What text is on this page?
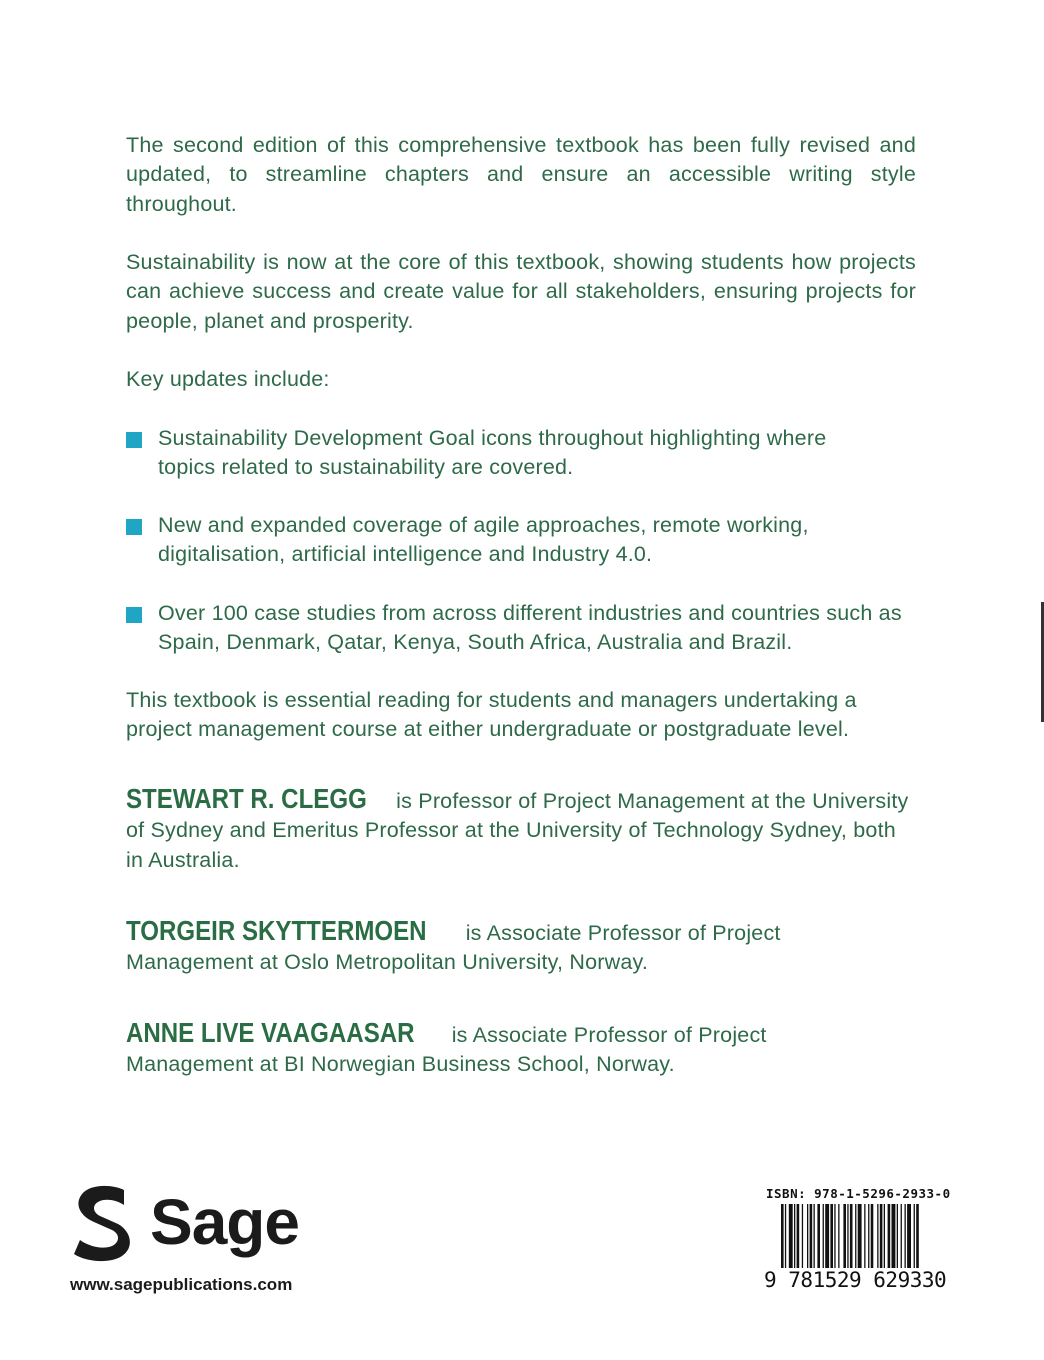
The second edition of this comprehensive textbook has been fully revised and updated, to streamline chapters and ensure an accessible writing style throughout.

Sustainability is now at the core of this textbook, showing students how projects can achieve success and create value for all stakeholders, ensuring projects for people, planet and prosperity.

Key updates include:

Sustainability Development Goal icons throughout highlighting where topics related to sustainability are covered.
New and expanded coverage of agile approaches, remote working, digitalisation, artificial intelligence and Industry 4.0.
Over 100 case studies from across different industries and countries such as Spain, Denmark, Qatar, Kenya, South Africa, Australia and Brazil.

This textbook is essential reading for students and managers undertaking a project management course at either undergraduate or postgraduate level.

STEWART R. CLEGG is Professor of Project Management at the University of Sydney and Emeritus Professor at the University of Technology Sydney, both in Australia.
TORGEIR SKYTTERMOEN is Associate Professor of Project Management at Oslo Metropolitan University, Norway.
ANNE LIVE VAAGAASAR is Associate Professor of Project Management at BI Norwegian Business School, Norway.
Sage
www.sagepublications.com
ISBN: 978-1-5296-2933-0
9 781529 629330
